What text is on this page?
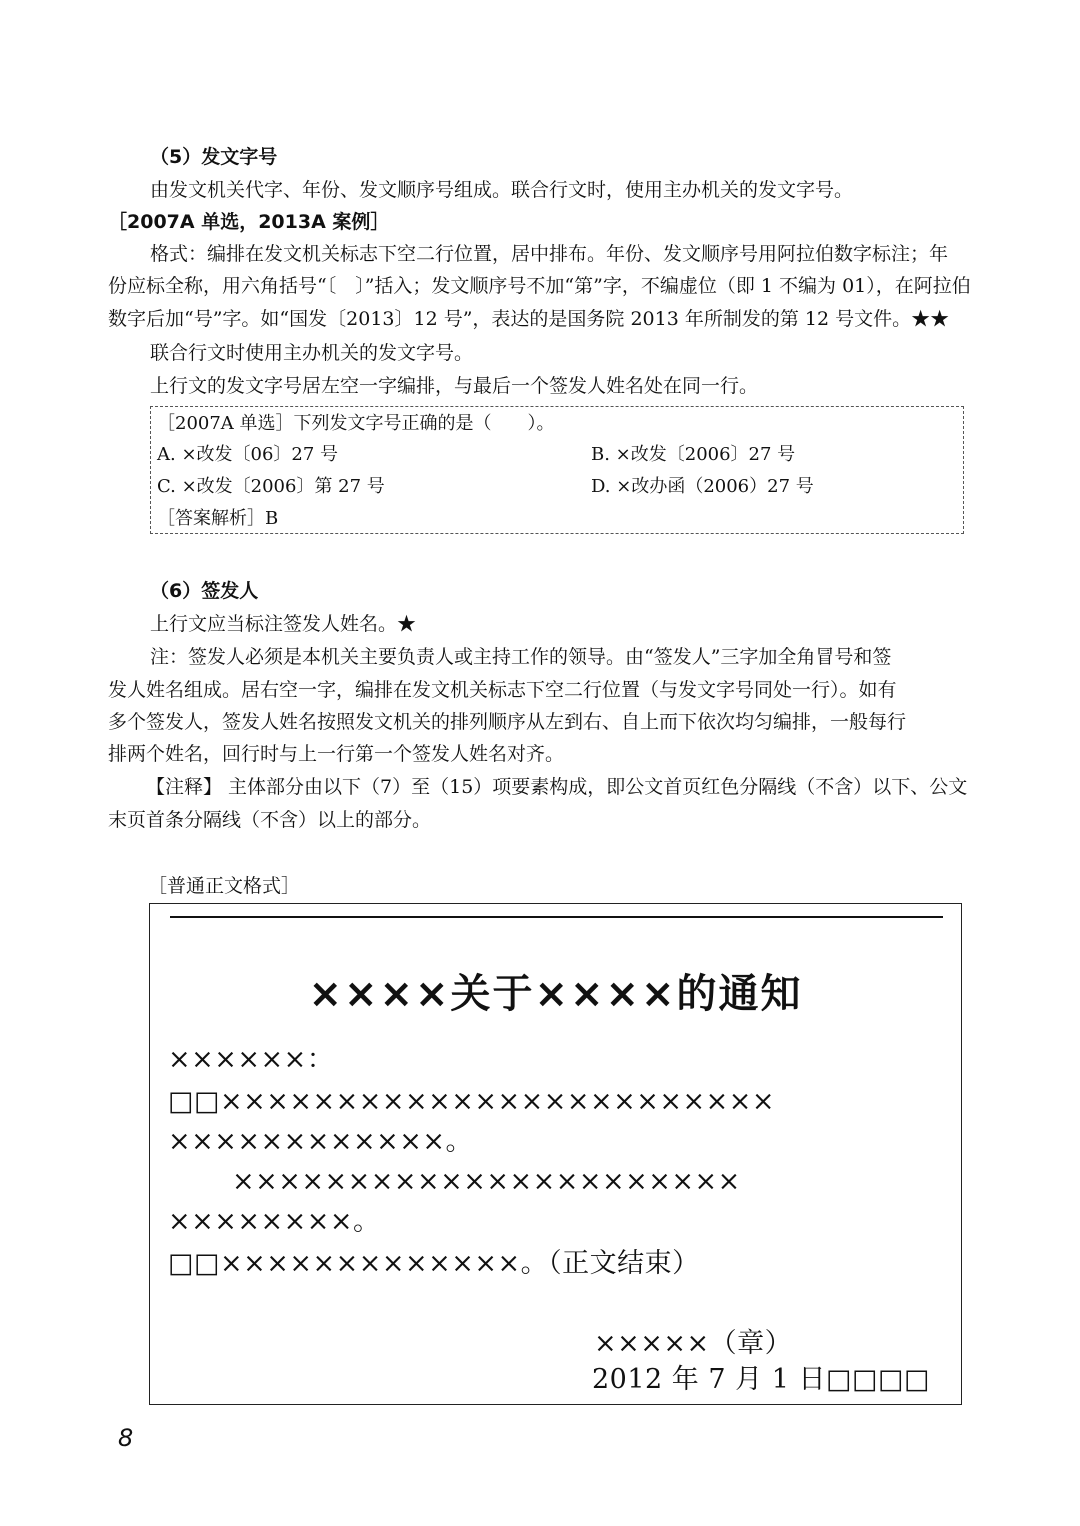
（5）发文字号
由发文机关代字、年份、发文顺序号组成。联合行文时，使用主办机关的发文字号。
［2007A 单选，2013A 案例］
格式：编排在发文机关标志下空二行位置，居中排布。年份、发文顺序号用阿拉伯数字标注；年
份应标全称，用六角括号“〔　〕”括入；发文顺序号不加“第”字，不编虚位（即 1 不编为 01），在阿拉伯
数字后加“号”字。如“国发〔2013〕12 号”，表达的是国务院 2013 年所制发的第 12 号文件。★★
联合行文时使用主办机关的发文字号。
上行文的发文字号居左空一字编排，与最后一个签发人姓名处在同一行。
［2007A 单选］下列发文字号正确的是（　　）。
A. ×改发〔06〕27 号	B. ×改发〔2006〕27 号
C. ×改发〔2006〕第 27 号	D. ×改办函（2006）27 号
［答案解析］B
（6）签发人
上行文应当标注签发人姓名。★
注：签发人必须是本机关主要负责人或主持工作的领导。由“签发人”三字加全角冒号和签
发人姓名组成。居右空一字，编排在发文机关标志下空二行位置（与发文字号同处一行）。如有
多个签发人，签发人姓名按照发文机关的排列顺序从左到右、自上而下依次均匀编排，一般每行
排两个姓名，回行时与上一行第一个签发人姓名对齐。
【注释】 主体部分由以下（7）至（15）项要素构成，即公文首页红色分隔线（不含）以下、公文
末页首条分隔线（不含）以上的部分。
［普通正文格式］
××××关于××××的通知
××××××：
□□××××××××××××××××××××××××
××××××××××××。
××××××××××××××××××××××
××××××××。
□□×××××××××××××。（正文结束）
×××××（章）
2012 年 7 月 1 日□□□□
8
